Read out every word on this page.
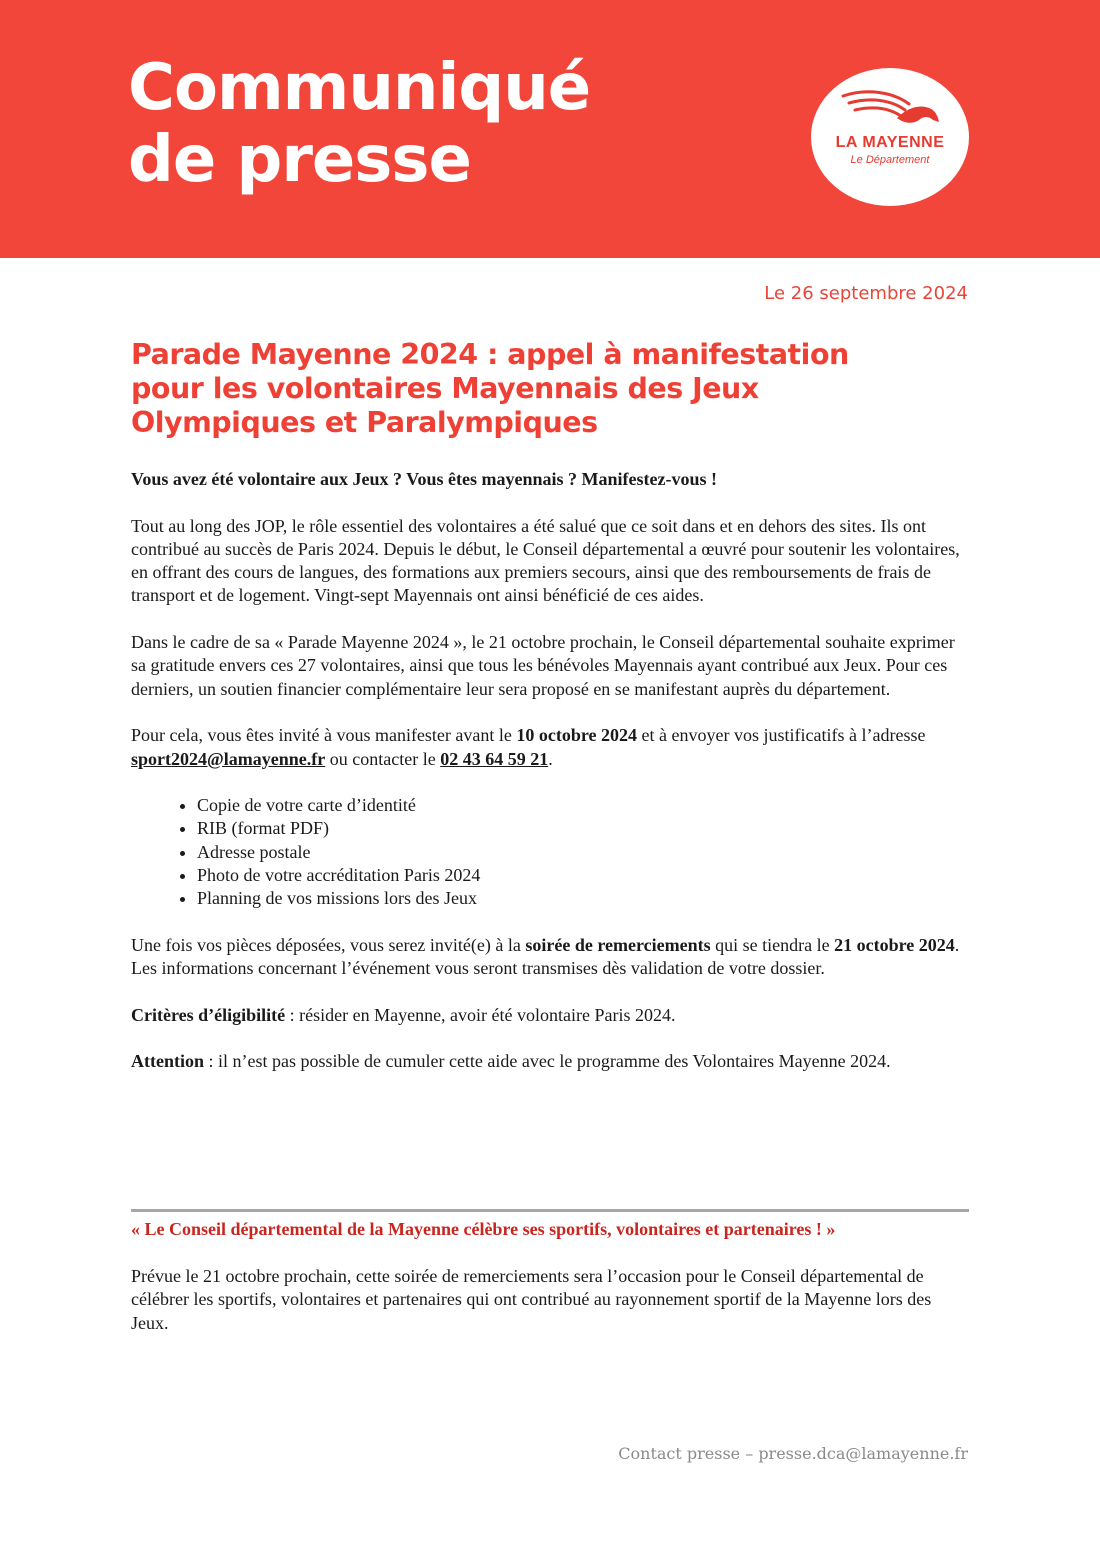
Communiqué
de presse	LA MAYENNE
Le Département
Le 26 septembre 2024
Parade Mayenne 2024 : appel à manifestation
pour les volontaires Mayennais des Jeux
Olympiques et Paralympiques

Vous avez été volontaire aux Jeux ? Vous êtes mayennais ? Manifestez-vous !

Tout au long des JOP, le rôle essentiel des volontaires a été salué que ce soit dans et en dehors des sites. Ils ont contribué au succès de Paris 2024. Depuis le début, le Conseil départemental a œuvré pour soutenir les volontaires, en offrant des cours de langues, des formations aux premiers secours, ainsi que des remboursements de frais de transport et de logement. Vingt-sept Mayennais ont ainsi bénéficié de ces aides.

Dans le cadre de sa « Parade Mayenne 2024 », le 21 octobre prochain, le Conseil départemental souhaite exprimer sa gratitude envers ces 27 volontaires, ainsi que tous les bénévoles Mayennais ayant contribué aux Jeux. Pour ces derniers, un soutien financier complémentaire leur sera proposé en se manifestant auprès du département.

Pour cela, vous êtes invité à vous manifester avant le 10 octobre 2024 et à envoyer vos justificatifs à l’adresse sport2024@lamayenne.fr ou contacter le 02 43 64 59 21.

• Copie de votre carte d’identité
• RIB (format PDF)
• Adresse postale
• Photo de votre accréditation Paris 2024
• Planning de vos missions lors des Jeux

Une fois vos pièces déposées, vous serez invité(e) à la soirée de remerciements qui se tiendra le 21 octobre 2024. Les informations concernant l’événement vous seront transmises dès validation de votre dossier.

Critères d’éligibilité : résider en Mayenne, avoir été volontaire Paris 2024.

Attention : il n’est pas possible de cumuler cette aide avec le programme des Volontaires Mayenne 2024.

« Le Conseil départemental de la Mayenne célèbre ses sportifs, volontaires et partenaires ! »

Prévue le 21 octobre prochain, cette soirée de remerciements sera l’occasion pour le Conseil départemental de célébrer les sportifs, volontaires et partenaires qui ont contribué au rayonnement sportif de la Mayenne lors des Jeux.

Contact presse – presse.dca@lamayenne.fr
